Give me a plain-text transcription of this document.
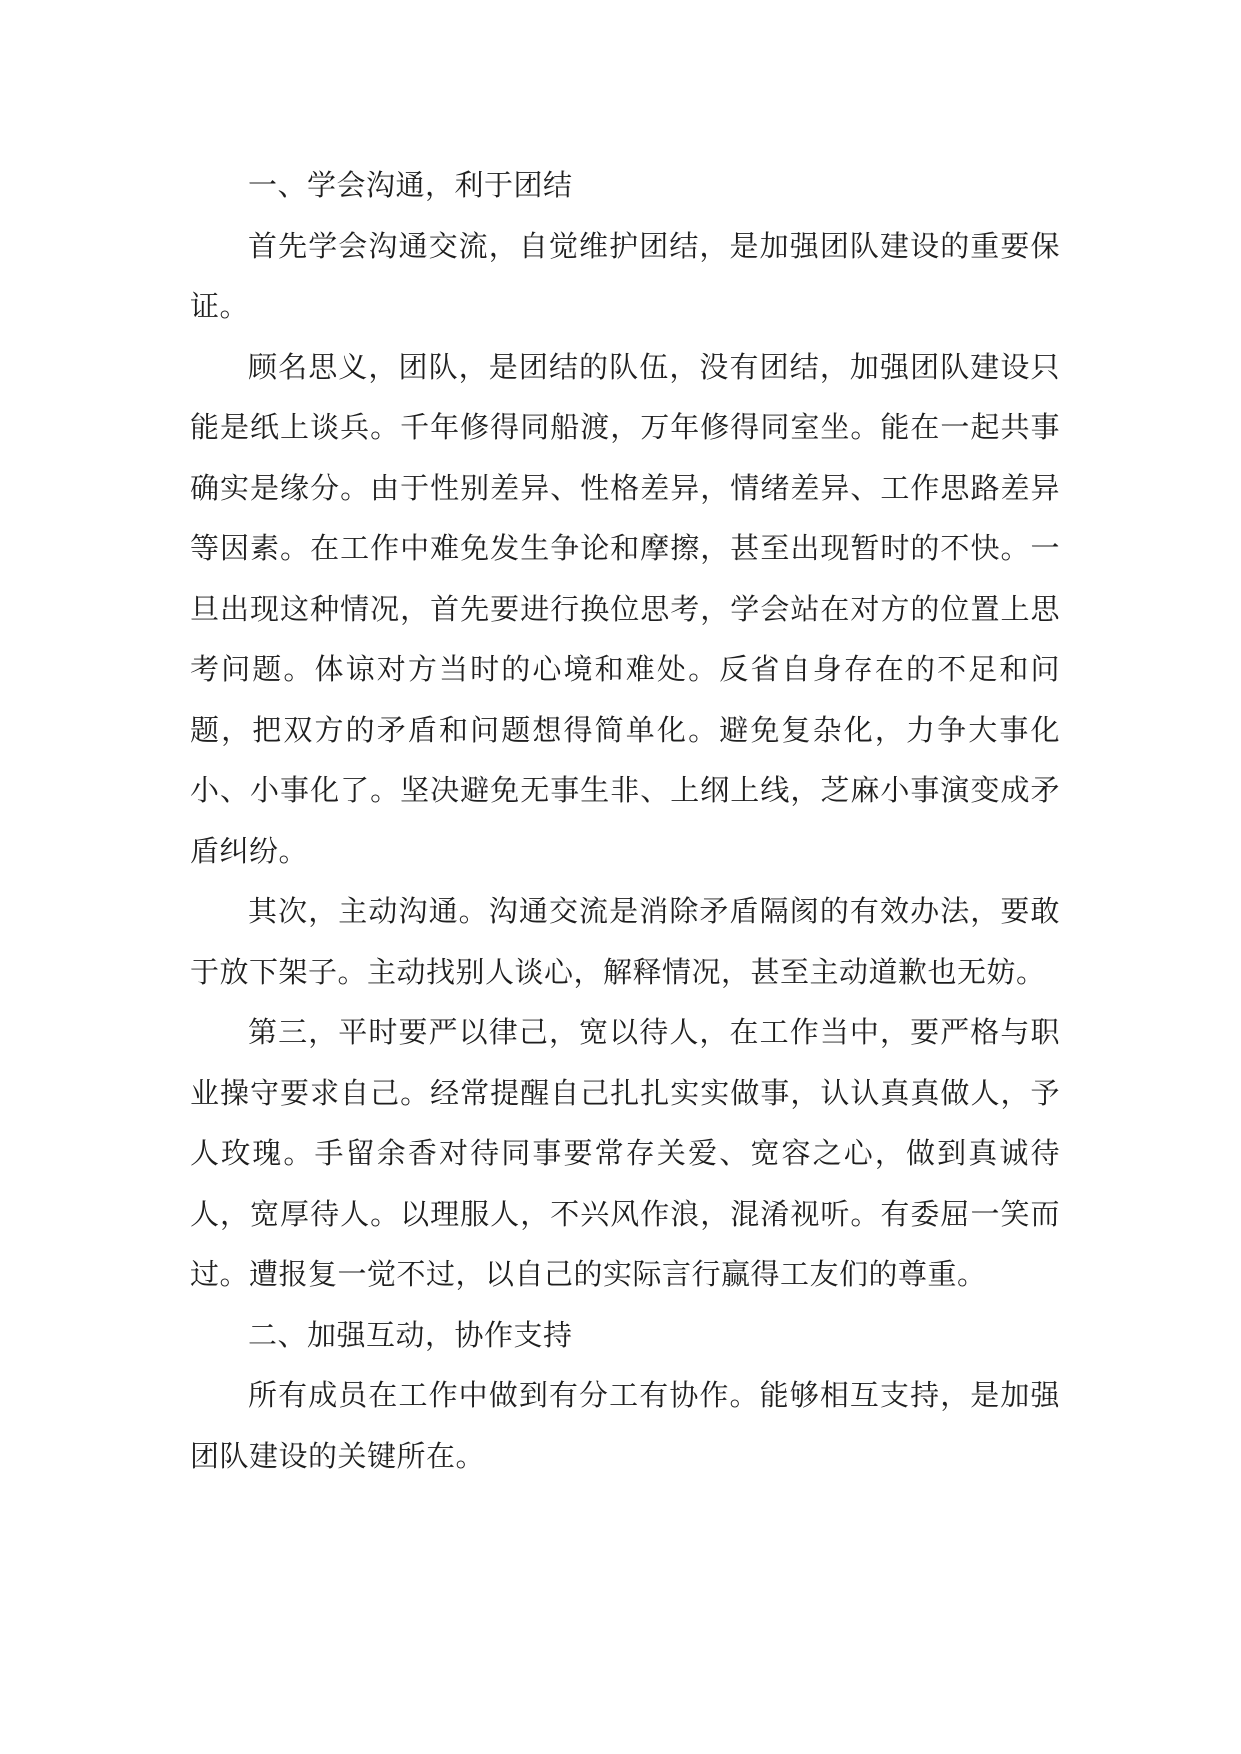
一、学会沟通，利于团结

首先学会沟通交流，自觉维护团结，是加强团队建设的重要保证。

顾名思义，团队，是团结的队伍，没有团结，加强团队建设只能是纸上谈兵。千年修得同船渡，万年修得同室坐。能在一起共事确实是缘分。由于性别差异、性格差异，情绪差异、工作思路差异等因素。在工作中难免发生争论和摩擦，甚至出现暂时的不快。一旦出现这种情况，首先要进行换位思考，学会站在对方的位置上思考问题。体谅对方当时的心境和难处。反省自身存在的不足和问题，把双方的矛盾和问题想得简单化。避免复杂化，力争大事化小、小事化了。坚决避免无事生非、上纲上线，芝麻小事演变成矛盾纠纷。

其次，主动沟通。沟通交流是消除矛盾隔阂的有效办法，要敢于放下架子。主动找别人谈心，解释情况，甚至主动道歉也无妨。

第三，平时要严以律己，宽以待人，在工作当中，要严格与职业操守要求自己。经常提醒自己扎扎实实做事，认认真真做人，予人玫瑰。手留余香对待同事要常存关爱、宽容之心，做到真诚待人，宽厚待人。以理服人，不兴风作浪，混淆视听。有委屈一笑而过。遭报复一觉不过，以自己的实际言行赢得工友们的尊重。

二、加强互动，协作支持

所有成员在工作中做到有分工有协作。能够相互支持，是加强团队建设的关键所在。
